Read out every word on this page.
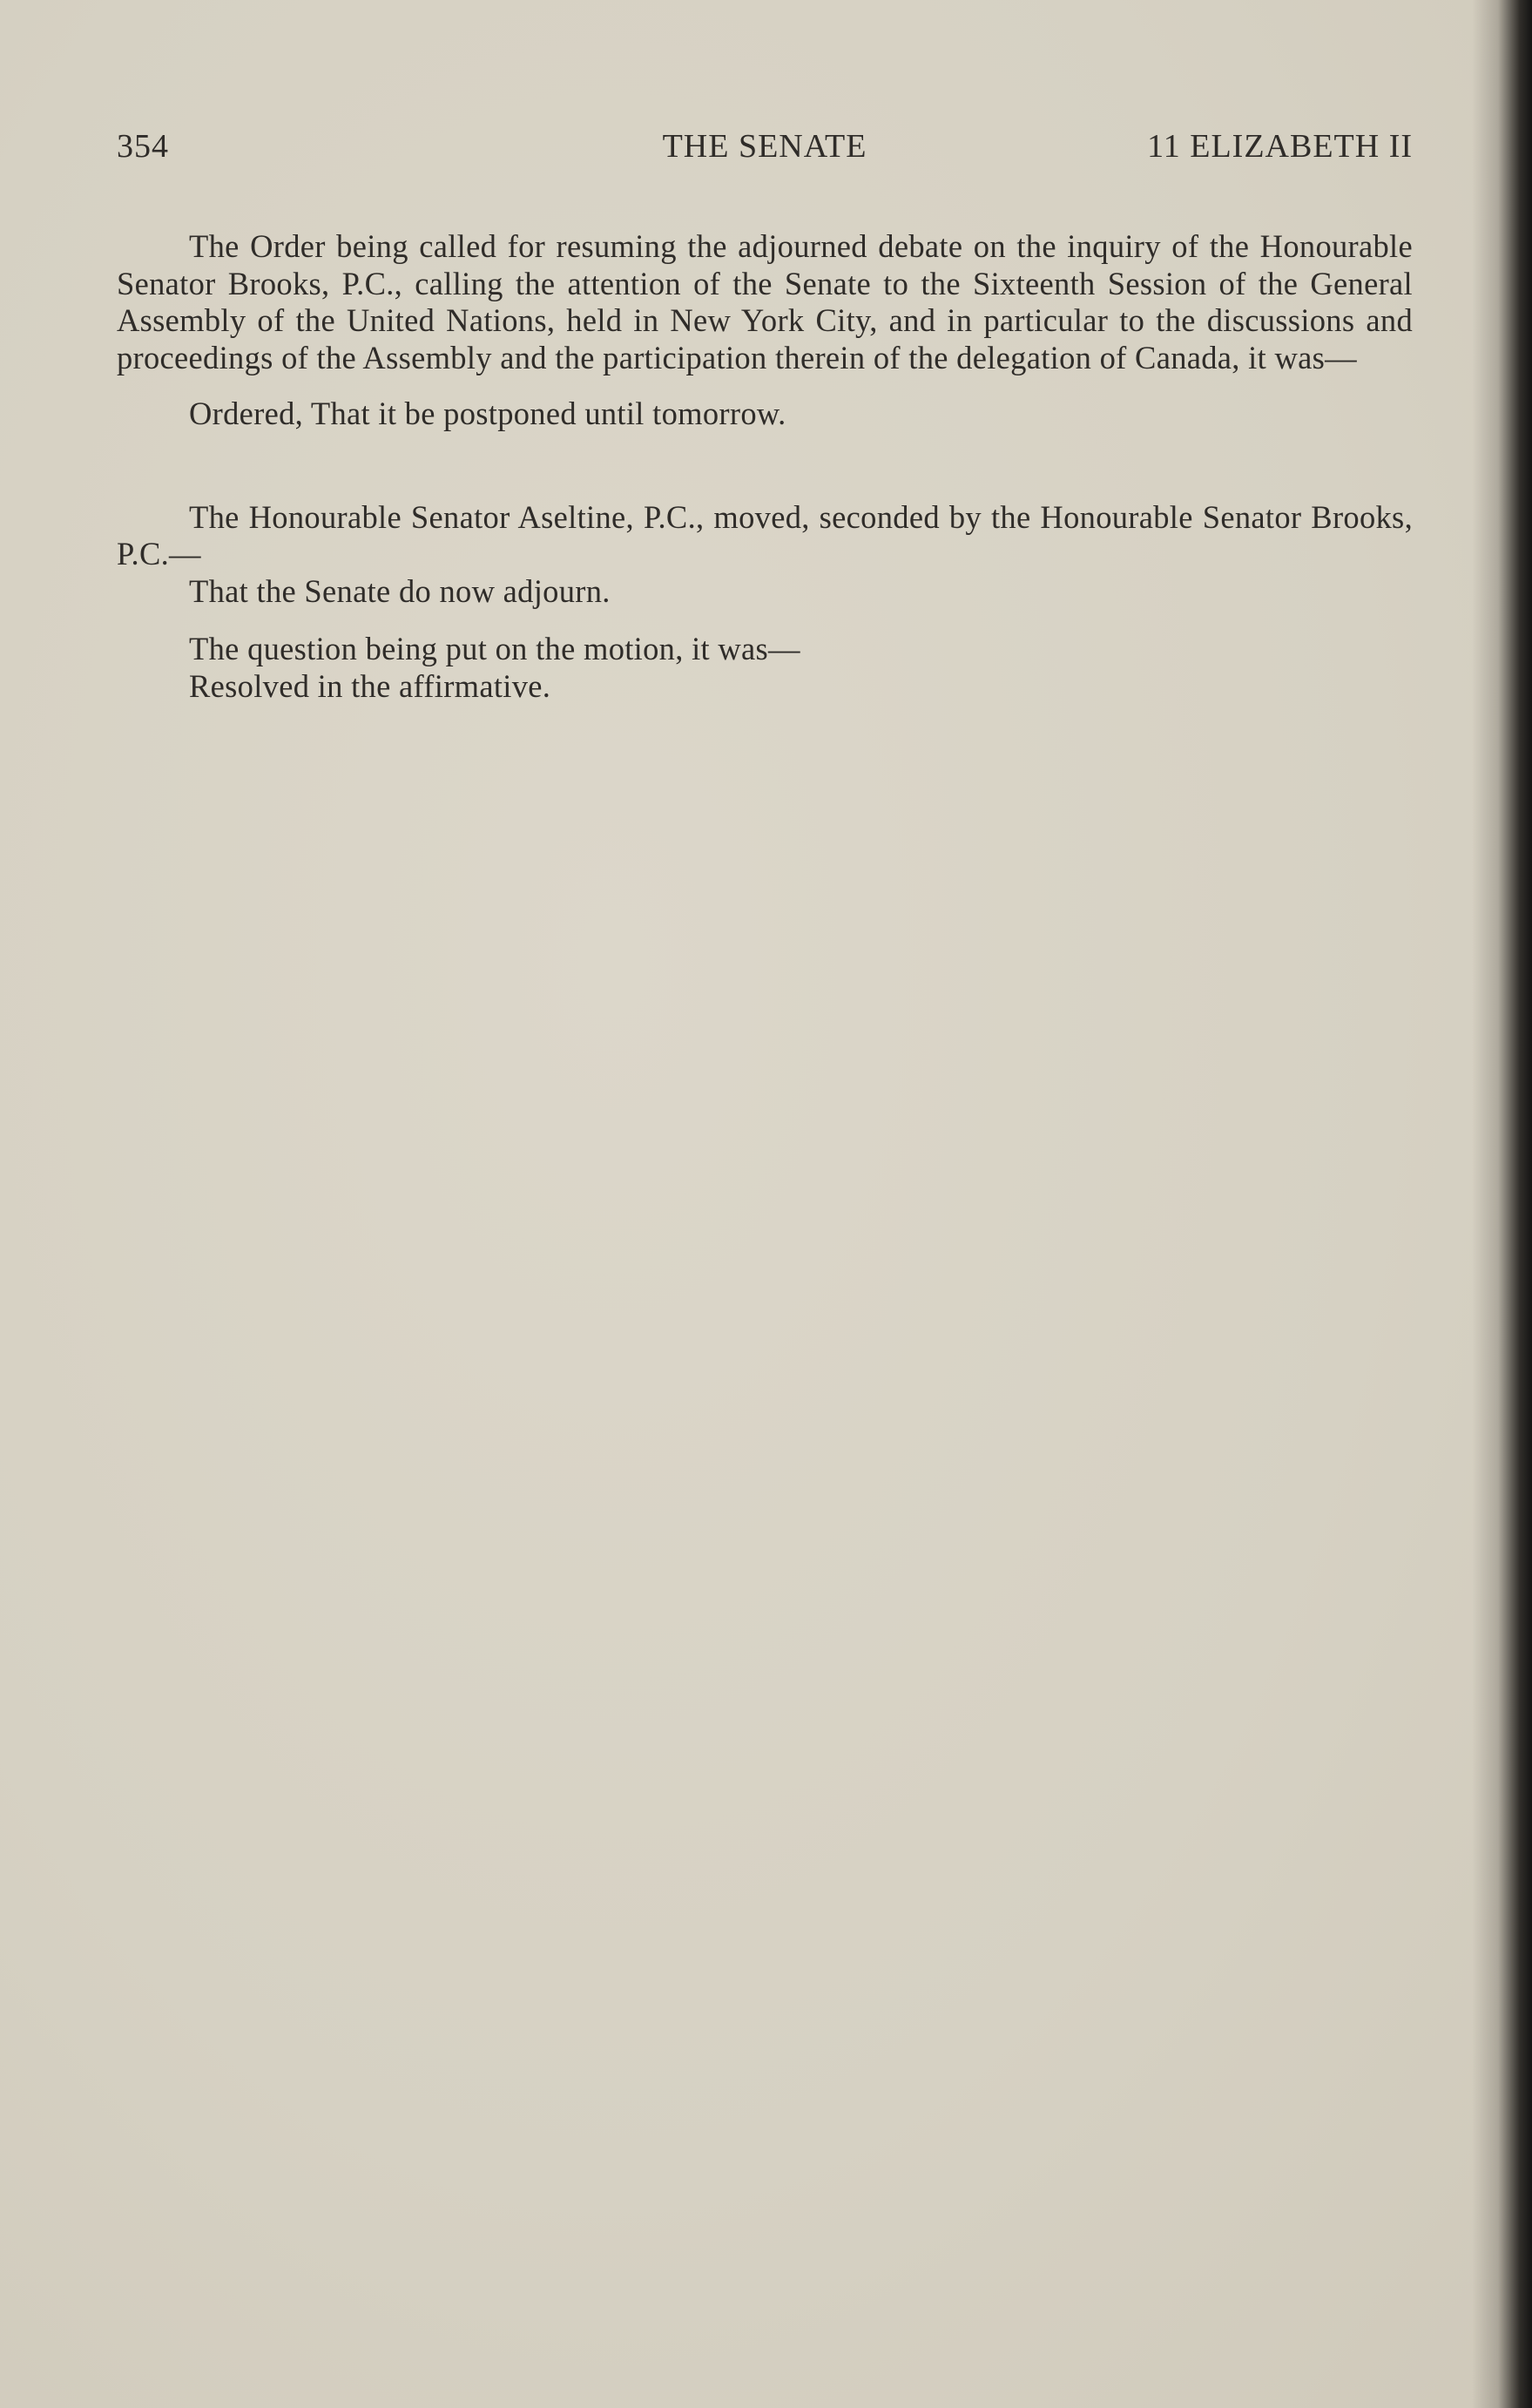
354	THE SENATE	11 ELIZABETH II

The Order being called for resuming the adjourned debate on the inquiry of the Honourable Senator Brooks, P.C., calling the attention of the Senate to the Sixteenth Session of the General Assembly of the United Nations, held in New York City, and in particular to the discussions and proceedings of the Assembly and the participation therein of the delegation of Canada, it was—

Ordered, That it be postponed until tomorrow.

The Honourable Senator Aseltine, P.C., moved, seconded by the Honourable Senator Brooks, P.C.—

That the Senate do now adjourn.

The question being put on the motion, it was—

Resolved in the affirmative.
